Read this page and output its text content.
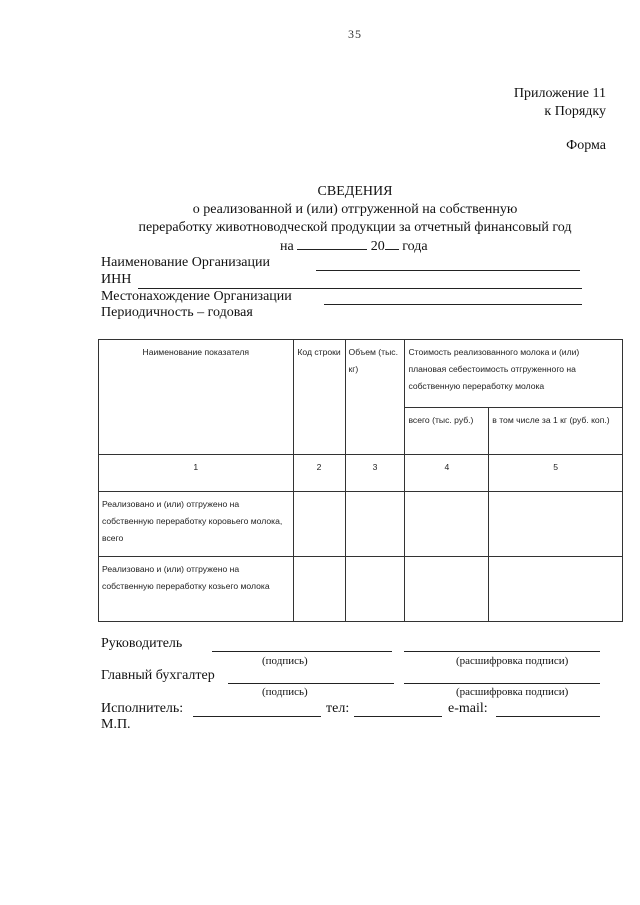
35
Приложение 11
к Порядку
Форма
СВЕДЕНИЯ
о реализованной и (или) отгруженной на собственную
переработку животноводческой продукции за отчетный финансовый год
на	20 года
Наименование Организации
ИНН
Местонахождение Организации
Периодичность – годовая
Наименование показателя	Код строки	Объем (тыс. кг)	Стоимость реализованного молока и (или) плановая себестоимость отгруженного на собственную переработку молока	
			всего (тыс. руб.)	в том числе за 1 кг (руб. коп.)
1	2	3	4	5
Реализовано и (или) отгружено на собственную переработку коровьего молока, всего				
Реализовано и (или) отгружено на собственную переработку козьего молока				
Руководитель
(подпись)	(расшифровка подписи)
Главный бухгалтер
(подпись)	(расшифровка подписи)
Исполнитель:	тел:	e-mail:
М.П.
